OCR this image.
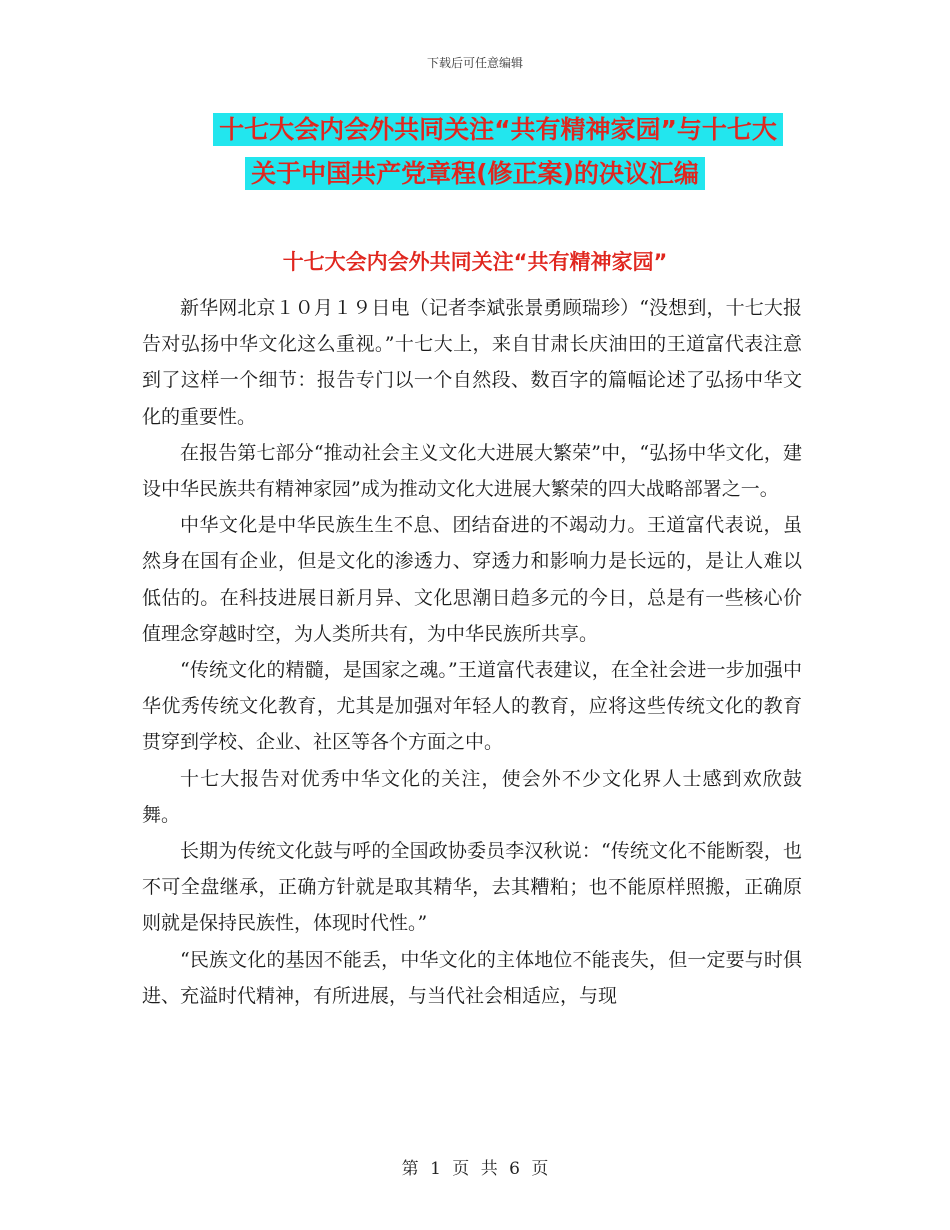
下载后可任意编辑
十七大会内会外共同关注“共有精神家园”与十七大
关于中国共产党章程(修正案)的决议汇编
十七大会内会外共同关注“共有精神家园”

新华网北京１０月１９日电（记者李斌张景勇顾瑞珍）“没想到，十七大报告对弘扬中华文化这么重视。”十七大上，来自甘肃长庆油田的王道富代表注意到了这样一个细节：报告专门以一个自然段、数百字的篇幅论述了弘扬中华文化的重要性。

在报告第七部分“推动社会主义文化大进展大繁荣”中，“弘扬中华文化，建设中华民族共有精神家园”成为推动文化大进展大繁荣的四大战略部署之一。

中华文化是中华民族生生不息、团结奋进的不竭动力。王道富代表说，虽然身在国有企业，但是文化的渗透力、穿透力和影响力是长远的，是让人难以低估的。在科技进展日新月异、文化思潮日趋多元的今日，总是有一些核心价值理念穿越时空，为人类所共有，为中华民族所共享。

“传统文化的精髓，是国家之魂。”王道富代表建议，在全社会进一步加强中华优秀传统文化教育，尤其是加强对年轻人的教育，应将这些传统文化的教育贯穿到学校、企业、社区等各个方面之中。

十七大报告对优秀中华文化的关注，使会外不少文化界人士感到欢欣鼓舞。

长期为传统文化鼓与呼的全国政协委员李汉秋说：“传统文化不能断裂，也不可全盘继承，正确方针就是取其精华，去其糟粕；也不能原样照搬，正确原则就是保持民族性，体现时代性。”

“民族文化的基因不能丢，中华文化的主体地位不能丧失，但一定要与时俱进、充溢时代精神，有所进展，与当代社会相适应，与现

第 1 页 共 6 页
